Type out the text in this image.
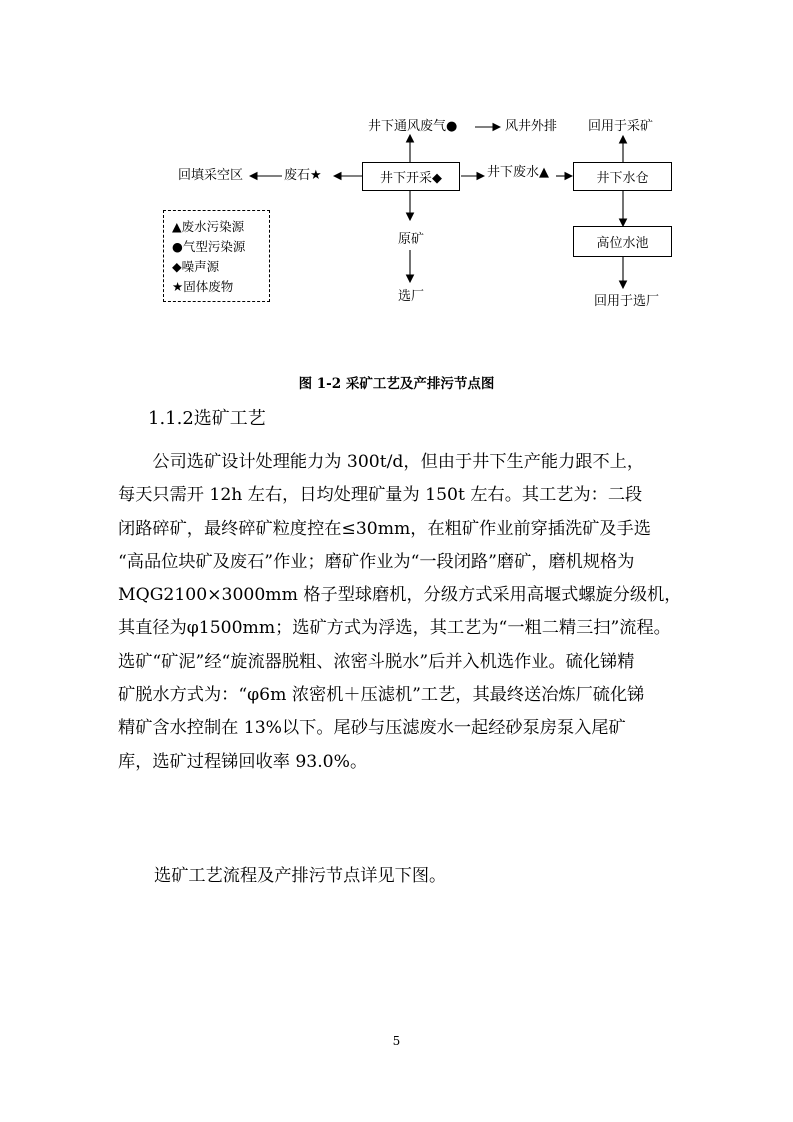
井下开采◆	井下水仓
高位水池
井下通风废气●	风井外排 回用于采矿
废石★
回填采空区	井下废水▲
原矿
选厂	回用于选厂
▲废水污染源
●气型污染源
◆噪声源
★固体废物
图 1-2 采矿工艺及产排污节点图
1.1.2选矿工艺

　　公司选矿设计处理能力为 300t/d，但由于井下生产能力跟不上，
每天只需开 12h 左右，日均处理矿量为 150t 左右。其工艺为：二段
闭路碎矿，最终碎矿粒度控在≤30mm，在粗矿作业前穿插洗矿及手选
“高品位块矿及废石”作业；磨矿作业为“一段闭路”磨矿，磨机规格为
MQG2100×3000mm 格子型球磨机，分级方式采用高堰式螺旋分级机，
其直径为φ1500mm；选矿方式为浮选，其工艺为“一粗二精三扫”流程。
选矿“矿泥”经“旋流器脱粗、浓密斗脱水”后并入机选作业。硫化锑精
矿脱水方式为：“φ6m 浓密机＋压滤机”工艺，其最终送冶炼厂硫化锑
精矿含水控制在 13%以下。尾砂与压滤废水一起经砂泵房泵入尾矿
库，选矿过程锑回收率 93.0%。

选矿工艺流程及产排污节点详见下图。
5
